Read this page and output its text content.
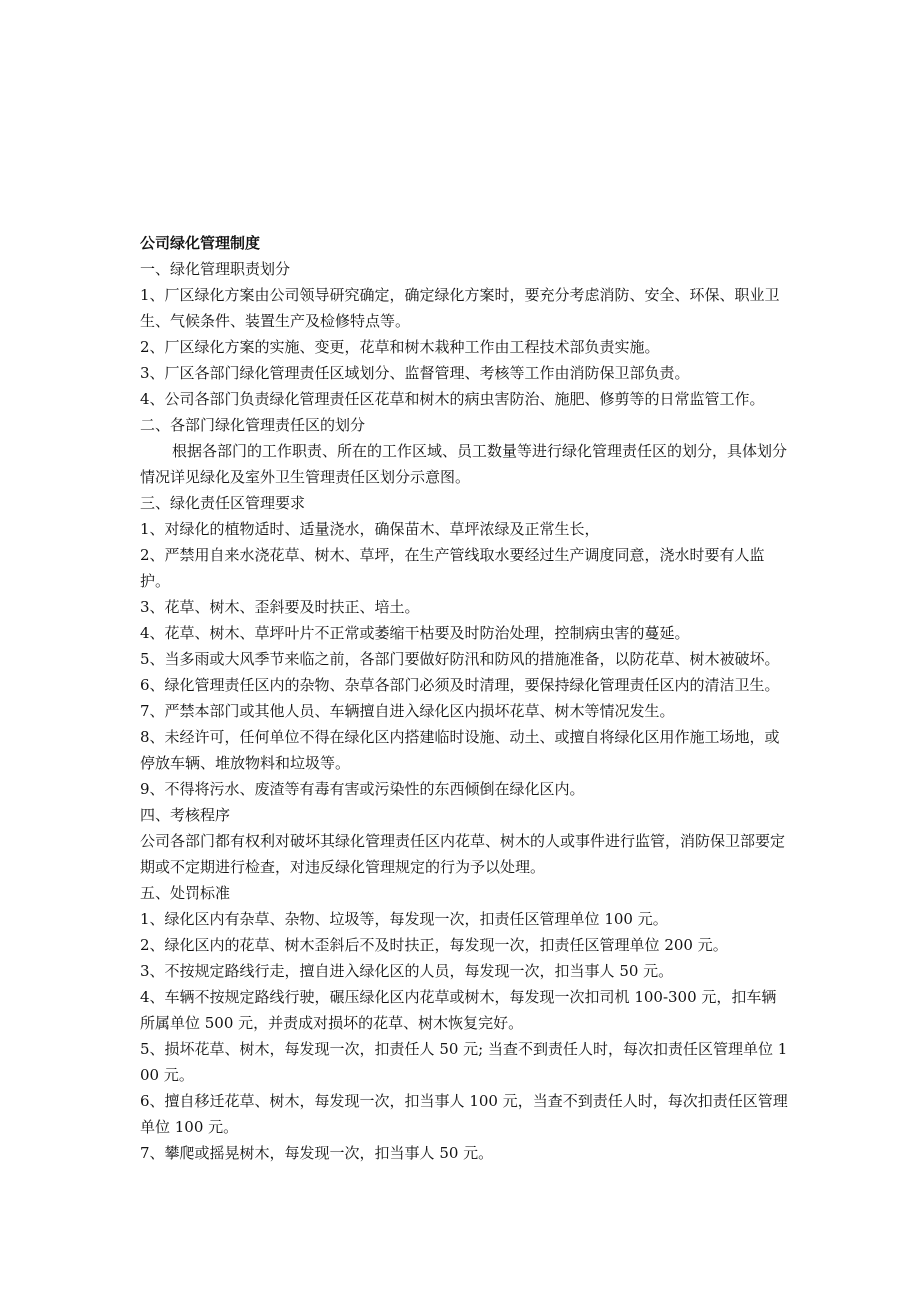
公司绿化管理制度

一、绿化管理职责划分

1、厂区绿化方案由公司领导研究确定，确定绿化方案时，要充分考虑消防、安全、环保、职业卫生、气候条件、装置生产及检修特点等。

2、厂区绿化方案的实施、变更，花草和树木栽种工作由工程技术部负责实施。

3、厂区各部门绿化管理责任区域划分、监督管理、考核等工作由消防保卫部负责。

4、公司各部门负责绿化管理责任区花草和树木的病虫害防治、施肥、修剪等的日常监管工作。

二、各部门绿化管理责任区的划分

根据各部门的工作职责、所在的工作区域、员工数量等进行绿化管理责任区的划分，具体划分情况详见绿化及室外卫生管理责任区划分示意图。

三、绿化责任区管理要求

1、对绿化的植物适时、适量浇水，确保苗木、草坪浓绿及正常生长，

2、严禁用自来水浇花草、树木、草坪，在生产管线取水要经过生产调度同意，浇水时要有人监护。

3、花草、树木、歪斜要及时扶正、培土。

4、花草、树木、草坪叶片不正常或萎缩干枯要及时防治处理，控制病虫害的蔓延。

5、当多雨或大风季节来临之前，各部门要做好防汛和防风的措施准备，以防花草、树木被破坏。

6、绿化管理责任区内的杂物、杂草各部门必须及时清理，要保持绿化管理责任区内的清洁卫生。

7、严禁本部门或其他人员、车辆擅自进入绿化区内损坏花草、树木等情况发生。

8、未经许可，任何单位不得在绿化区内搭建临时设施、动土、或擅自将绿化区用作施工场地，或停放车辆、堆放物料和垃圾等。

9、不得将污水、废渣等有毒有害或污染性的东西倾倒在绿化区内。

四、考核程序

公司各部门都有权利对破坏其绿化管理责任区内花草、树木的人或事件进行监管，消防保卫部要定期或不定期进行检查，对违反绿化管理规定的行为予以处理。

五、处罚标准

1、绿化区内有杂草、杂物、垃圾等，每发现一次，扣责任区管理单位 100 元。

2、绿化区内的花草、树木歪斜后不及时扶正，每发现一次，扣责任区管理单位 200 元。

3、不按规定路线行走，擅自进入绿化区的人员，每发现一次，扣当事人 50 元。

4、车辆不按规定路线行驶，碾压绿化区内花草或树木，每发现一次扣司机 100-300 元，扣车辆所属单位 500 元，并责成对损坏的花草、树木恢复完好。

5、损坏花草、树木，每发现一次，扣责任人 50 元; 当查不到责任人时，每次扣责任区管理单位 100 元。

6、擅自移迁花草、树木，每发现一次，扣当事人 100 元，当查不到责任人时，每次扣责任区管理单位 100 元。

7、攀爬或摇晃树木，每发现一次，扣当事人 50 元。
